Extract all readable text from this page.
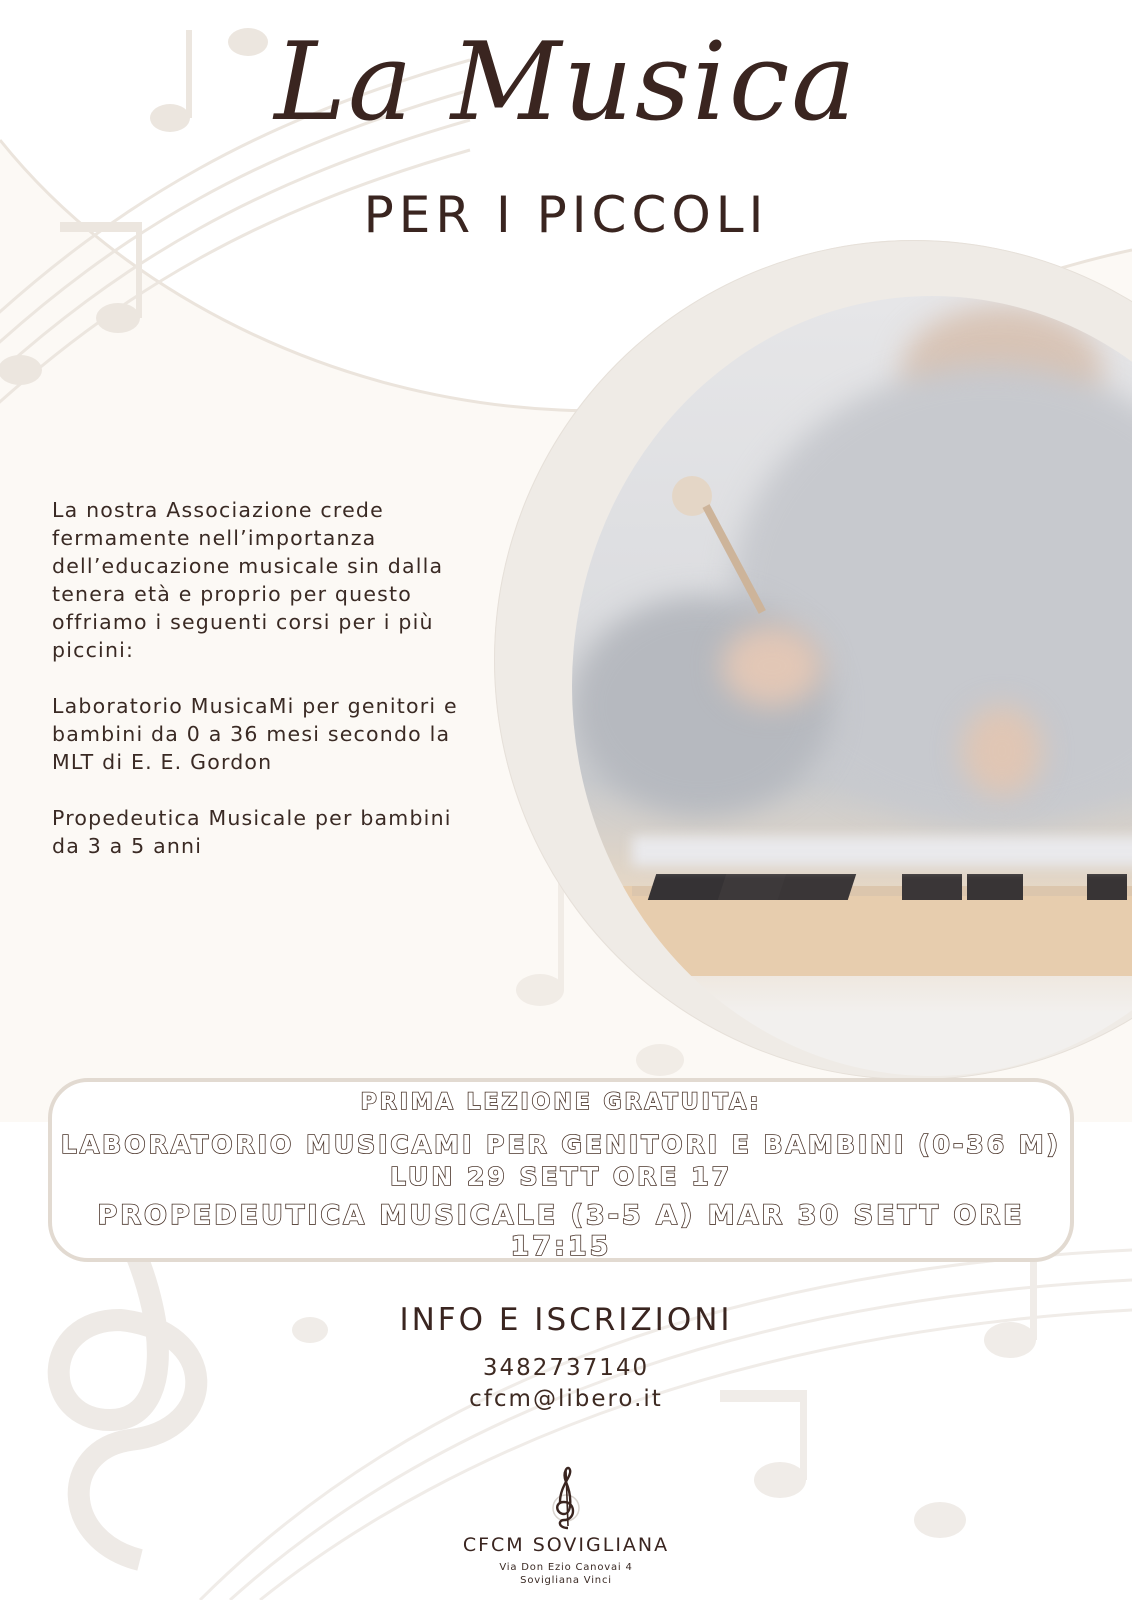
La Musica
PER I PICCOLI

La nostra Associazione crede fermamente nell’importanza dell’educazione musicale sin dalla tenera età e proprio per questo offriamo i seguenti corsi per i più piccini:

Laboratorio MusicaMi per genitori e bambini da 0 a 36 mesi secondo la MLT di E. E. Gordon

Propedeutica Musicale per bambini da 3 a 5 anni

PRIMA LEZIONE GRATUITA:
LABORATORIO MUSICAMI PER GENITORI E BAMBINI (0-36 M)
LUN 29 SETT ORE 17
PROPEDEUTICA MUSICALE (3-5 A) MAR 30 SETT ORE 17:15
INFO E ISCRIZIONI
3482737140
cfcm@libero.it
CFCM SOVIGLIANA
Via Don Ezio Canovai 4
Sovigliana Vinci
